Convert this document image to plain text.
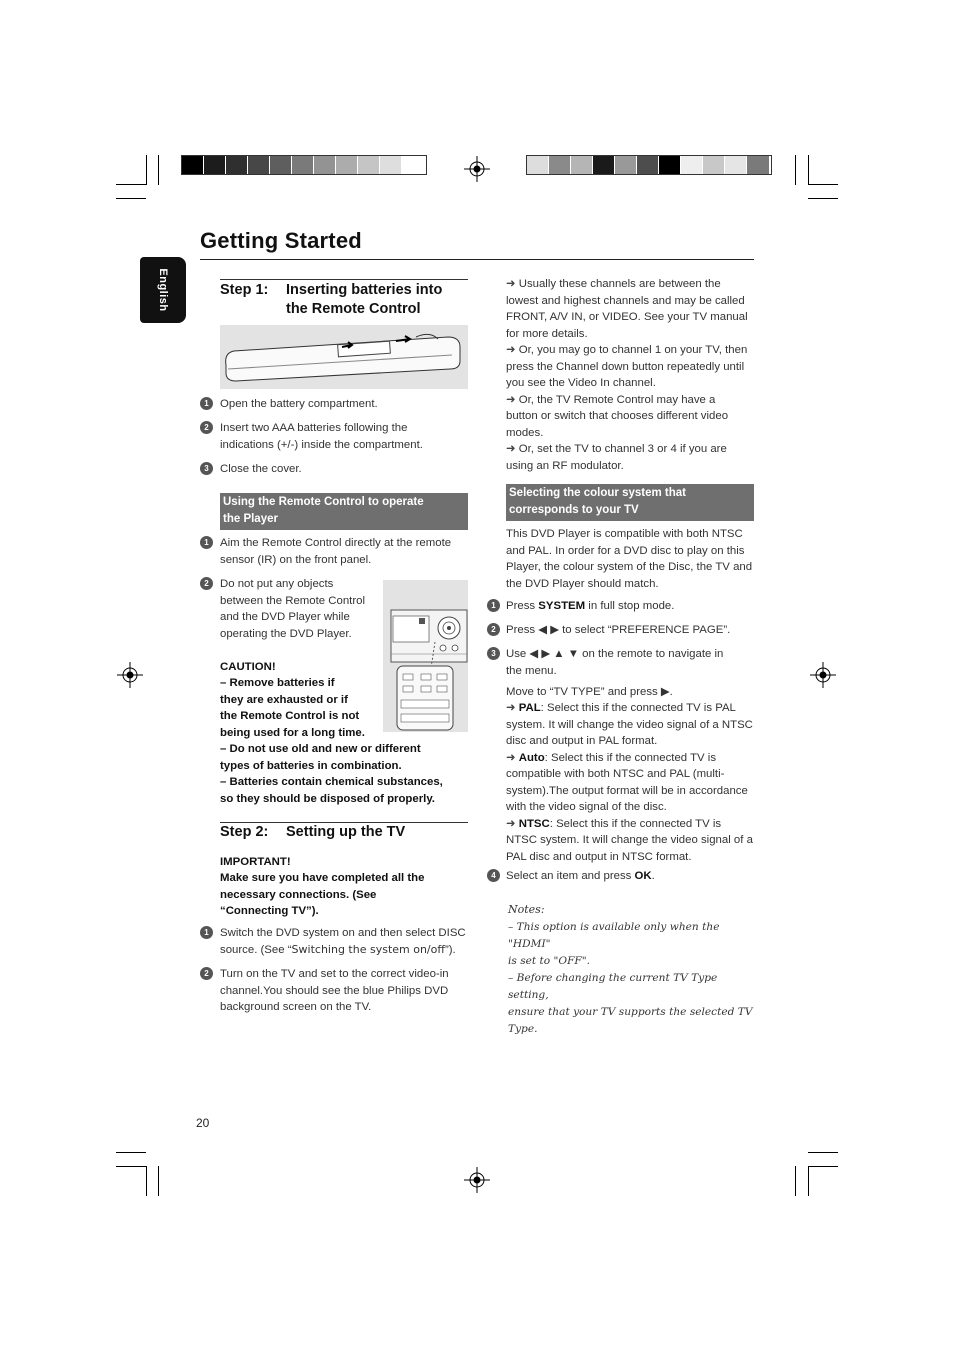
Getting Started
English	Step 1: Inserting batteries into
the Remote Control
1 Open the battery compartment.
2 Insert two AAA batteries following the
indications (+/-) inside the compartment.
3 Close the cover.
Using the Remote Control to operate
the Player
1 Aim the Remote Control directly at the remote
sensor (IR) on the front panel.
2 Do not put any objects
between the Remote Control
and the DVD Player while
operating the DVD Player.
CAUTION!
– Remove batteries if
they are exhausted or if
the Remote Control is not
being used for a long time.
– Do not use old and new or different
types of batteries in combination.
– Batteries contain chemical substances,
so they should be disposed of properly.
Step 2: Setting up the TV
IMPORTANT!
Make sure you have completed all the
necessary connections. (See
“Connecting TV”).
1 Switch the DVD system on and then select DISC
source. (See “Switching the system on/off”).
2 Turn on the TV and set to the correct video-in
channel.You should see the blue Philips DVD
background screen on the TV.
➜ Usually these channels are between the
lowest and highest channels and may be called
FRONT, A/V IN, or VIDEO. See your TV manual
for more details.
➜ Or, you may go to channel 1 on your TV, then
press the Channel down button repeatedly until
you see the Video In channel.
➜ Or, the TV Remote Control may have a
button or switch that chooses different video
modes.
➜ Or, set the TV to channel 3 or 4 if you are
using an RF modulator.
Selecting the colour system that
corresponds to your TV
This DVD Player is compatible with both NTSC
and PAL. In order for a DVD disc to play on this
Player, the colour system of the Disc, the TV and
the DVD Player should match.
1 Press SYSTEM in full stop mode.
2 Press ◀ ▶ to select “PREFERENCE PAGE”.
3 Use ◀ ▶ ▲ ▼ on the remote to navigate in
the menu.
Move to “TV TYPE” and press ▶.
➜ PAL: Select this if the connected TV is PAL
system. It will change the video signal of a NTSC
disc and output in PAL format.
➜ Auto: Select this if the connected TV is
compatible with both NTSC and PAL (multi-
system).The output format will be in accordance
with the video signal of the disc.
➜ NTSC: Select this if the connected TV is
NTSC system. It will change the video signal of a
PAL disc and output in NTSC format.
4 Select an item and press OK.
Notes:
– This option is available only when the "HDMI"
is set to "OFF".
– Before changing the current TV Type setting,
ensure that your TV supports the selected TV Type.
20
